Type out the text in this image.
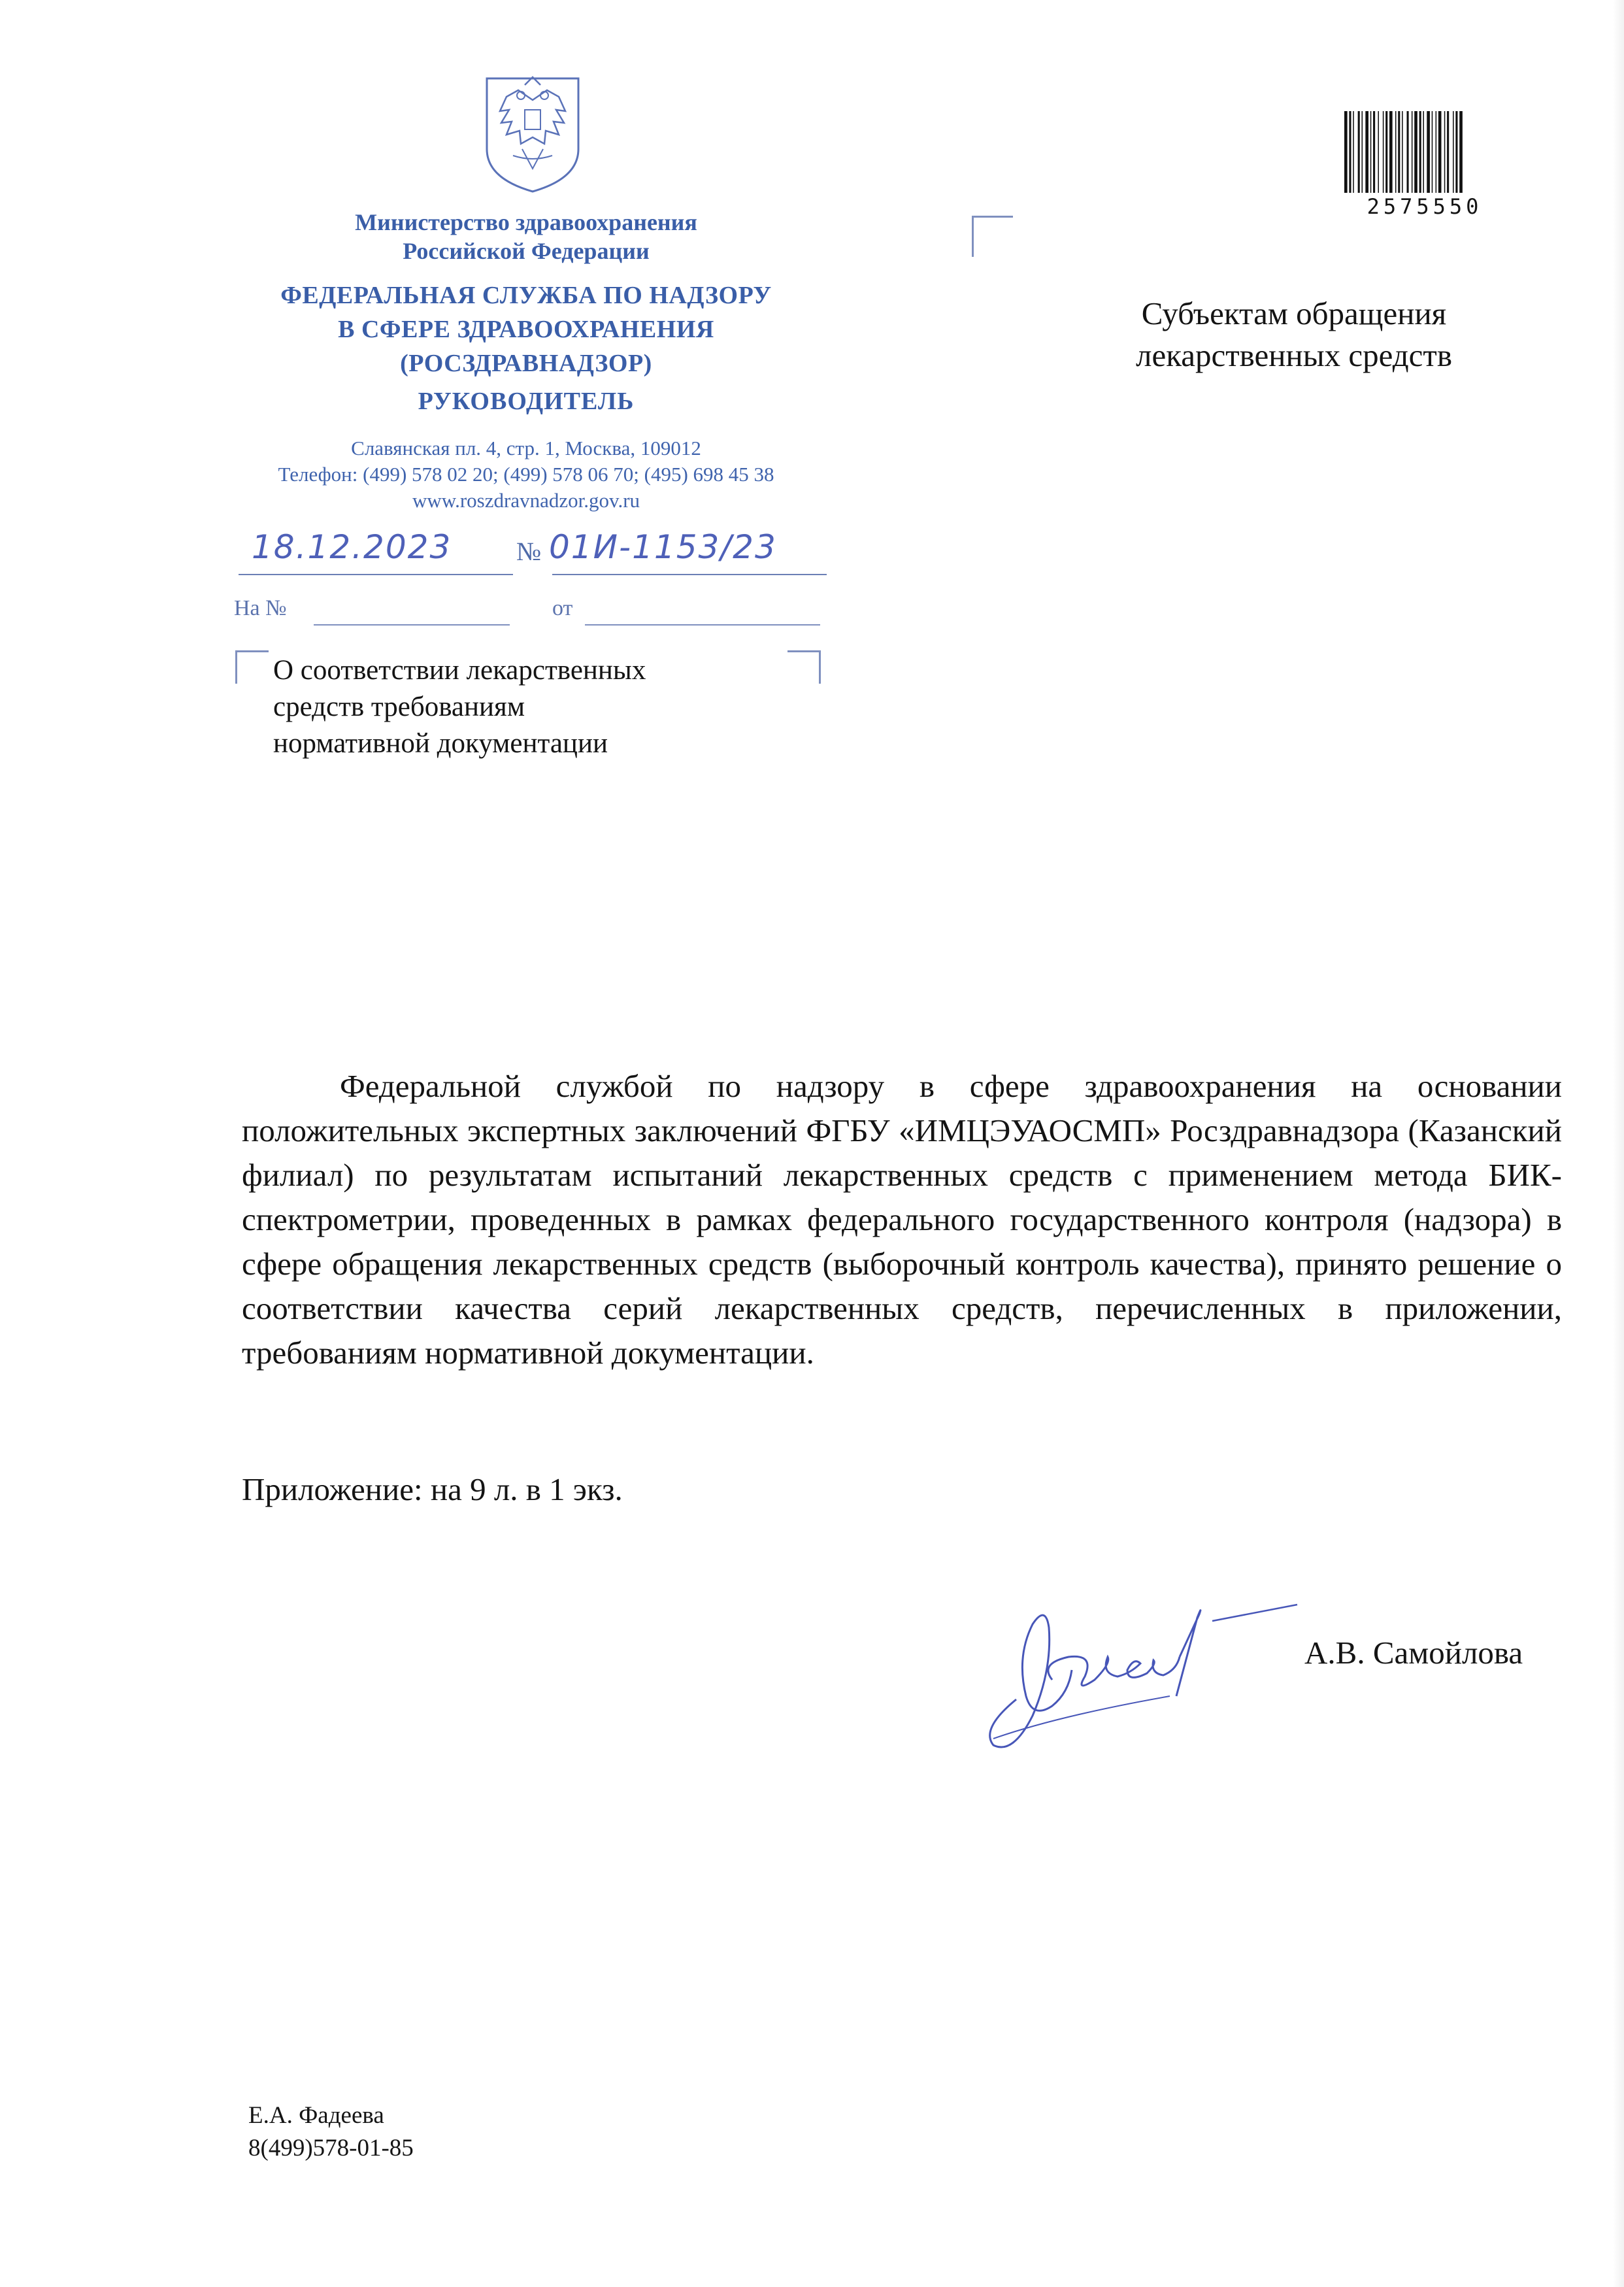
Министерство здравоохранения
Российской Федерации
ФЕДЕРАЛЬНАЯ СЛУЖБА ПО НАДЗОРУ
В СФЕРЕ ЗДРАВООХРАНЕНИЯ
(РОСЗДРАВНАДЗОР)
РУКОВОДИТЕЛЬ
Славянская пл. 4, стр. 1, Москва, 109012
Телефон: (499) 578 02 20; (499) 578 06 70; (495) 698 45 38
www.roszdravnadzor.gov.ru
18.12.2023 № 01И-1153/23
На №	от
О соответствии лекарственных
средств требованиям
нормативной документации
Субъектам обращения
лекарственных средств
2575550
Федеральной службой по надзору в сфере здравоохранения на основании положительных экспертных заключений ФГБУ «ИМЦЭУАОСМП» Росздравнадзора (Казанский филиал) по результатам испытаний лекарственных средств с применением метода БИК-спектрометрии, проведенных в рамках федерального государственного контроля (надзора) в сфере обращения лекарственных средств (выборочный контроль качества), принято решение о соответствии качества серий лекарственных средств, перечисленных в приложении, требованиям нормативной документации.
Приложение: на 9 л. в 1 экз.
А.В. Самойлова
Е.А. Фадеева
8(499)578-01-85
